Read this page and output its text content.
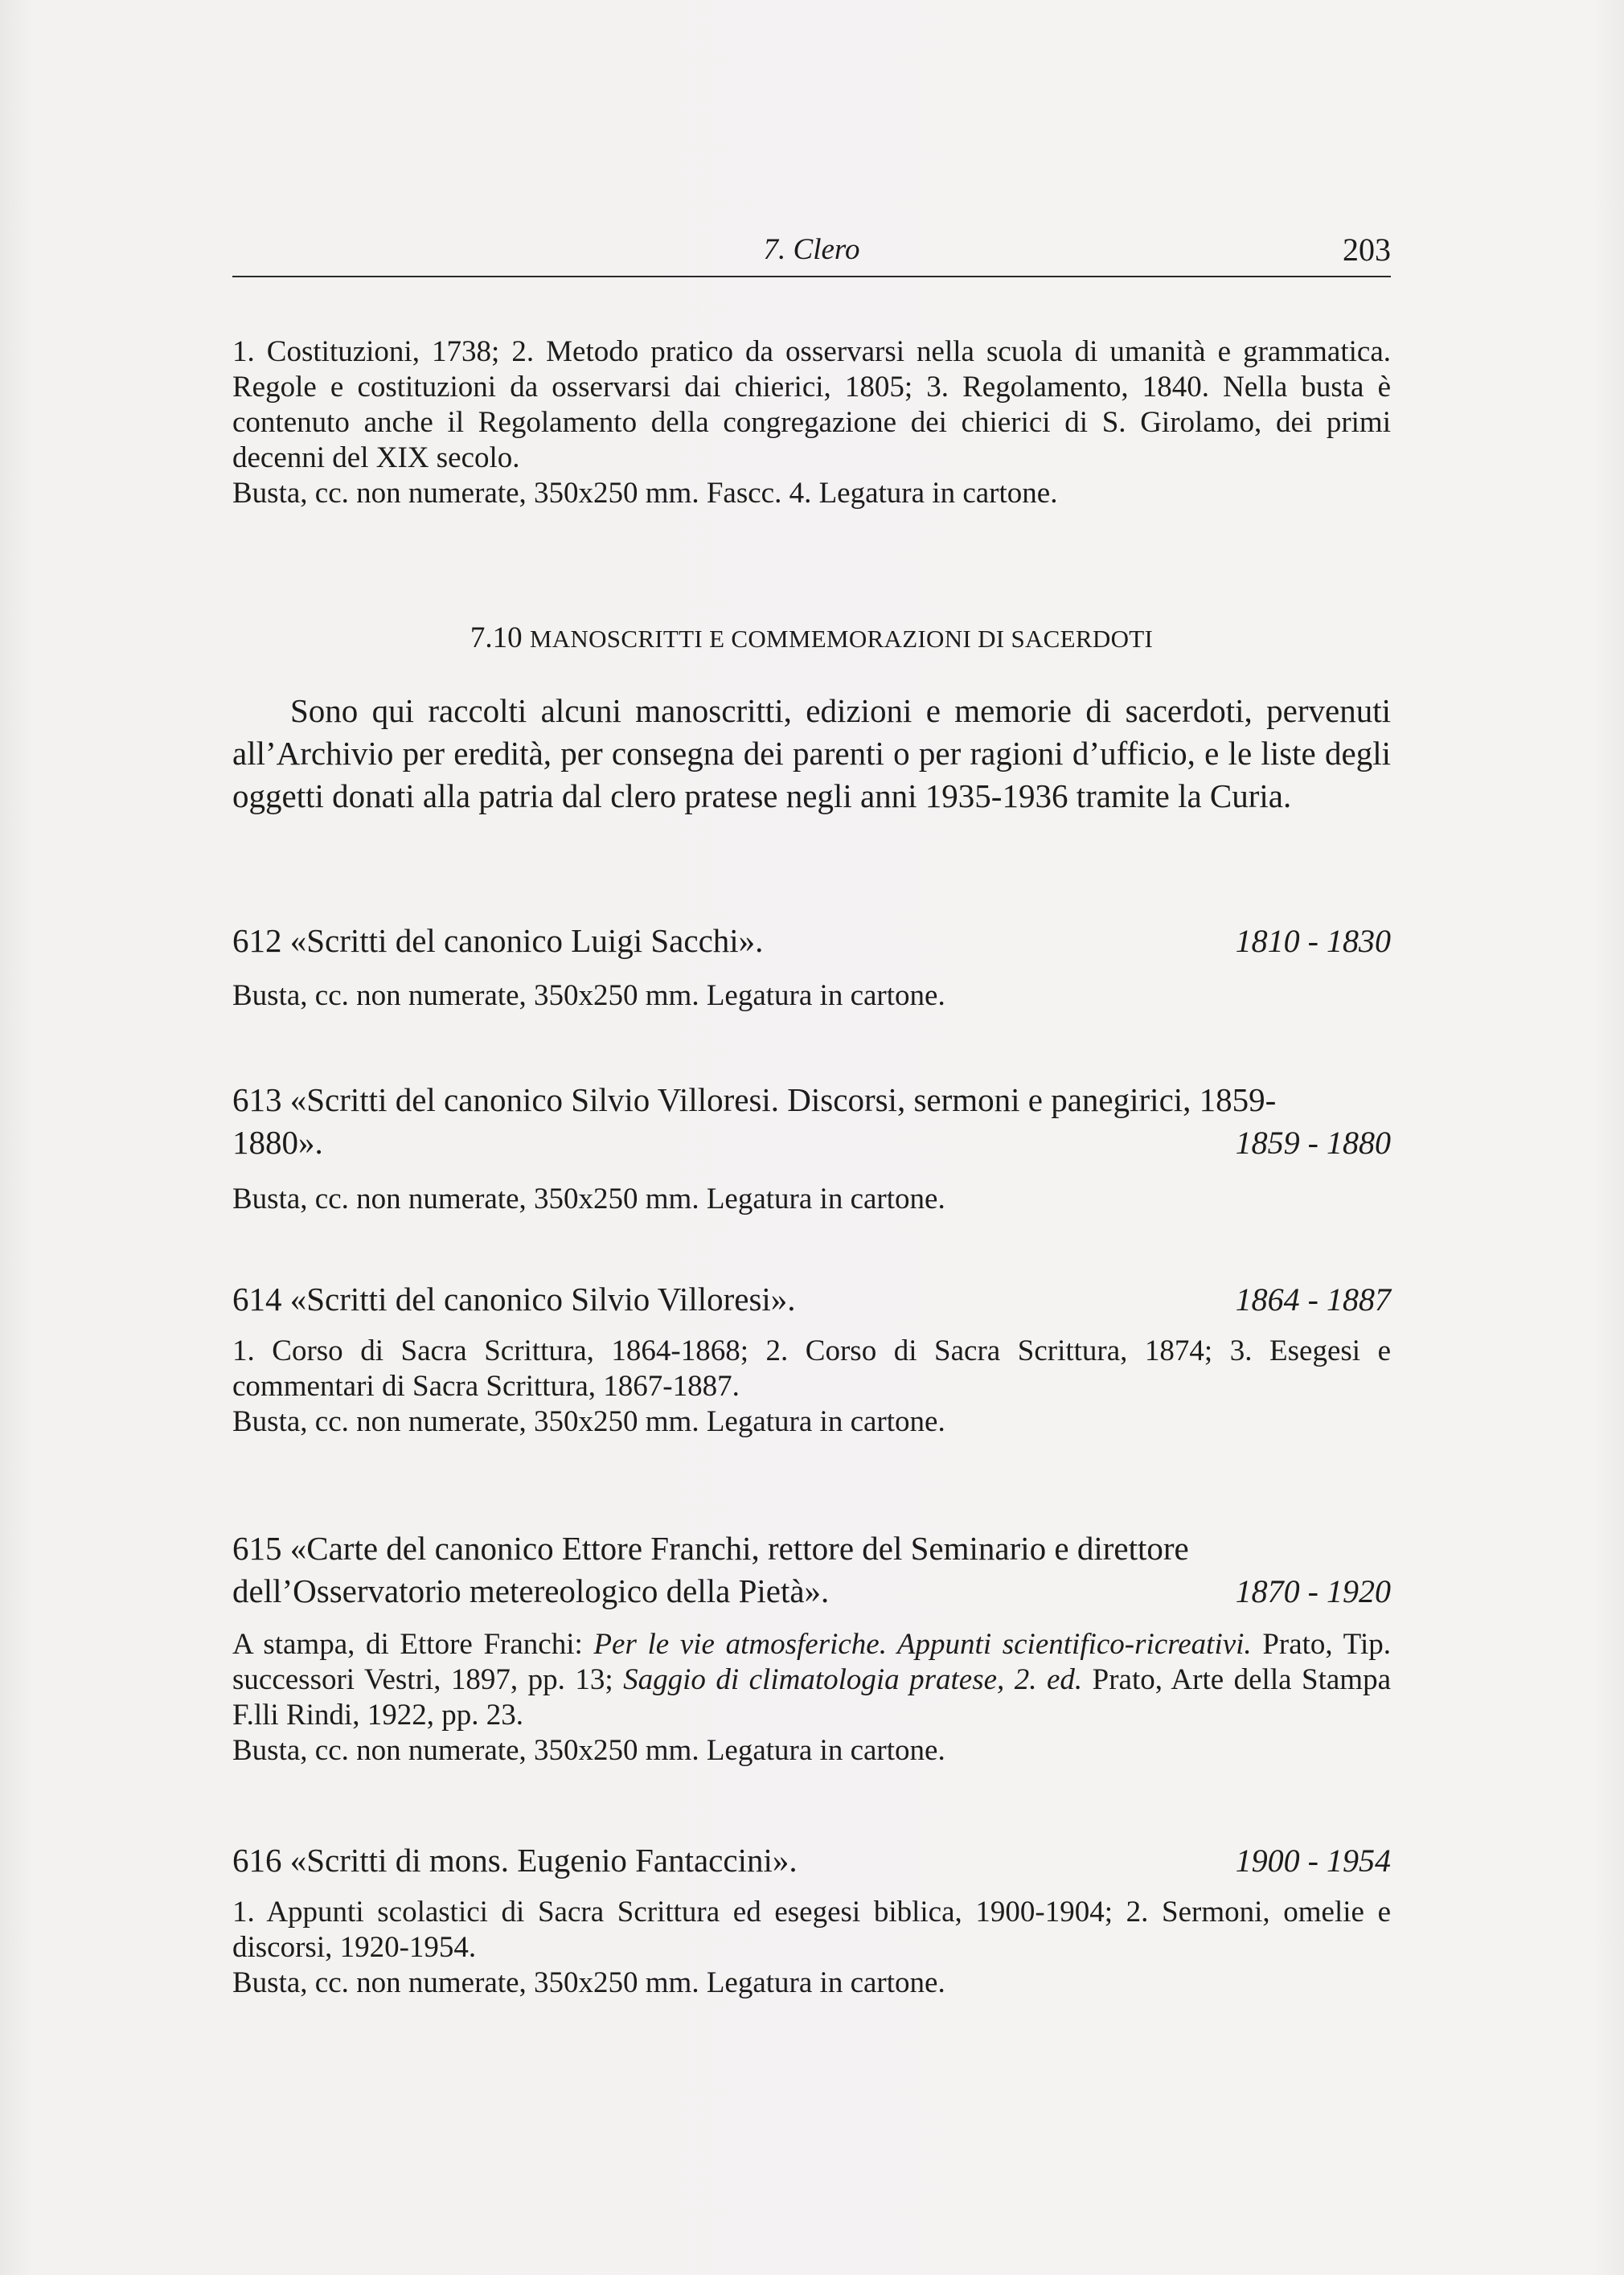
7. Clero	203

1. Costituzioni, 1738; 2. Metodo pratico da osservarsi nella scuola di umanità e grammatica. Regole e costituzioni da osservarsi dai chierici, 1805; 3. Regolamento, 1840. Nella busta è contenuto anche il Regolamento della congregazione dei chierici di S. Girolamo, dei primi decenni del XIX secolo.

Busta, cc. non numerate, 350x250 mm. Fascc. 4. Legatura in cartone.

7.10 MANOSCRITTI E COMMEMORAZIONI DI SACERDOTI
Sono qui raccolti alcuni manoscritti, edizioni e memorie di sacerdoti, pervenuti all’Archivio per eredità, per consegna dei parenti o per ragioni d’ufficio, e le liste degli oggetti donati alla patria dal clero pratese negli anni 1935-1936 tramite la Curia.
612 «Scritti del canonico Luigi Sacchi».	1810 - 1830
Busta, cc. non numerate, 350x250 mm. Legatura in cartone.
613 «Scritti del canonico Silvio Villoresi. Discorsi, sermoni e panegirici, 1859-
1880».	1859 - 1880
Busta, cc. non numerate, 350x250 mm. Legatura in cartone.
614 «Scritti del canonico Silvio Villoresi».	1864 - 1887
1. Corso di Sacra Scrittura, 1864-1868; 2. Corso di Sacra Scrittura, 1874; 3. Esegesi e commentari di Sacra Scrittura, 1867-1887.
Busta, cc. non numerate, 350x250 mm. Legatura in cartone.
615 «Carte del canonico Ettore Franchi, rettore del Seminario e direttore
dell’Osservatorio metereologico della Pietà».	1870 - 1920
A stampa, di Ettore Franchi: Per le vie atmosferiche. Appunti scientifico-ricreativi. Prato, Tip. successori Vestri, 1897, pp. 13; Saggio di climatologia pratese, 2. ed. Prato, Arte della Stampa F.lli Rindi, 1922, pp. 23.
Busta, cc. non numerate, 350x250 mm. Legatura in cartone.
616 «Scritti di mons. Eugenio Fantaccini».	1900 - 1954
1. Appunti scolastici di Sacra Scrittura ed esegesi biblica, 1900-1904; 2. Sermoni, omelie e discorsi, 1920-1954.
Busta, cc. non numerate, 350x250 mm. Legatura in cartone.
